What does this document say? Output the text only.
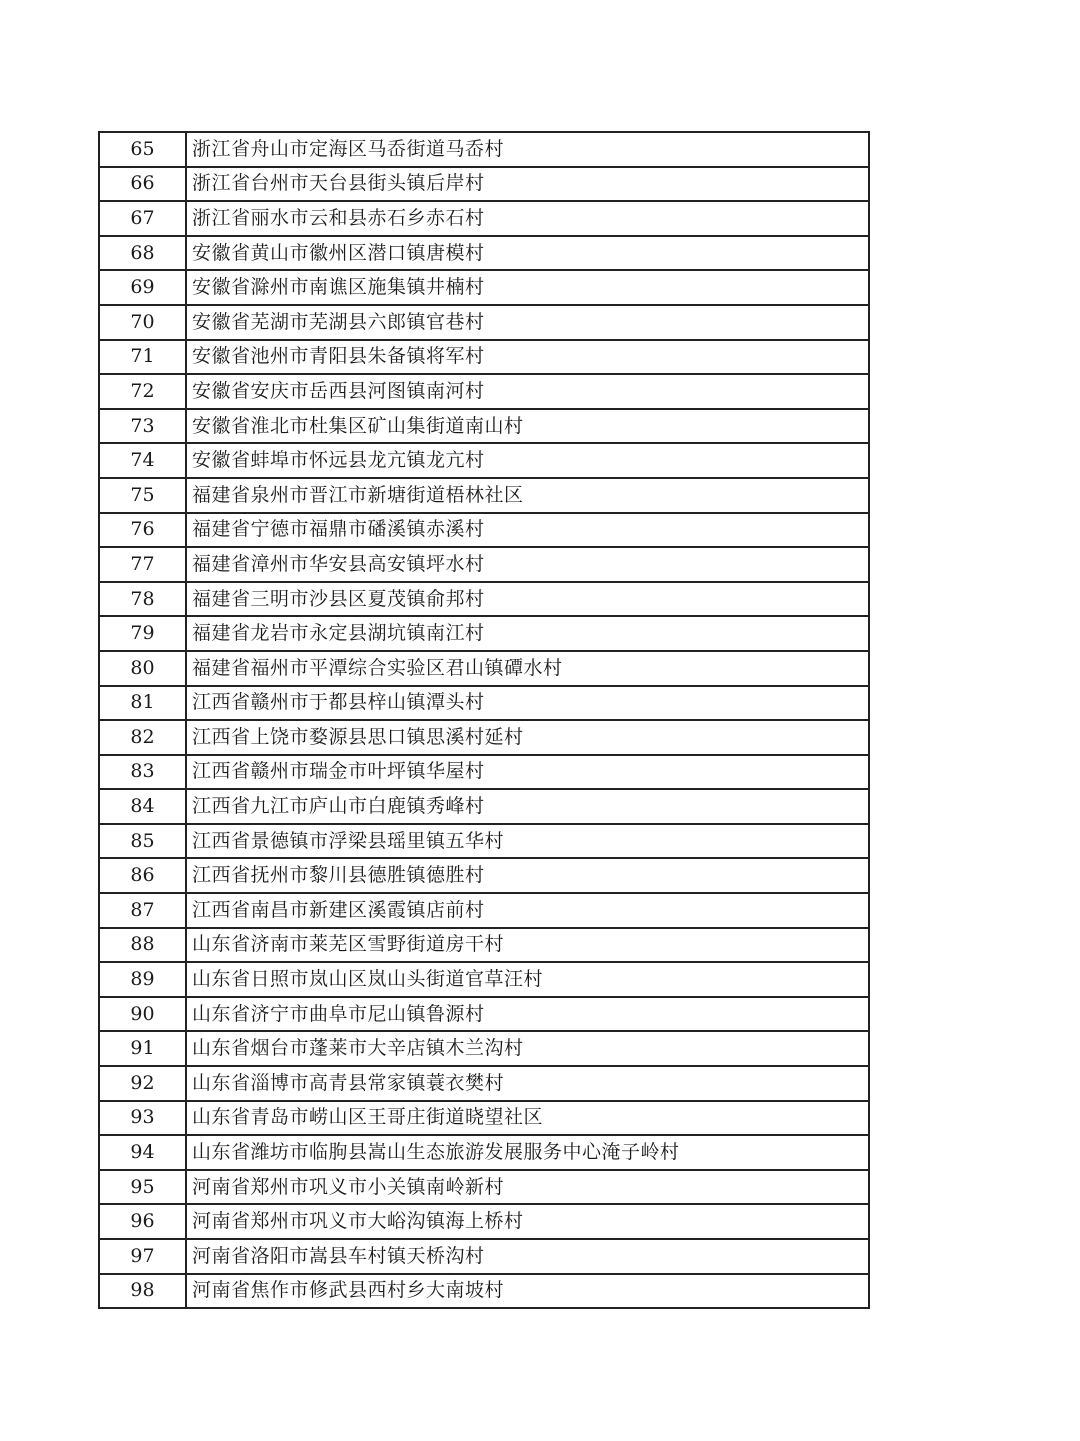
65	浙江省舟山市定海区马岙街道马岙村
66	浙江省台州市天台县街头镇后岸村
67	浙江省丽水市云和县赤石乡赤石村
68	安徽省黄山市徽州区潜口镇唐模村
69	安徽省滁州市南谯区施集镇井楠村
70	安徽省芜湖市芜湖县六郎镇官巷村
71	安徽省池州市青阳县朱备镇将军村
72	安徽省安庆市岳西县河图镇南河村
73	安徽省淮北市杜集区矿山集街道南山村
74	安徽省蚌埠市怀远县龙亢镇龙亢村
75	福建省泉州市晋江市新塘街道梧林社区
76	福建省宁德市福鼎市磻溪镇赤溪村
77	福建省漳州市华安县高安镇坪水村
78	福建省三明市沙县区夏茂镇俞邦村
79	福建省龙岩市永定县湖坑镇南江村
80	福建省福州市平潭综合实验区君山镇磹水村
81	江西省赣州市于都县梓山镇潭头村
82	江西省上饶市婺源县思口镇思溪村延村
83	江西省赣州市瑞金市叶坪镇华屋村
84	江西省九江市庐山市白鹿镇秀峰村
85	江西省景德镇市浮梁县瑶里镇五华村
86	江西省抚州市黎川县德胜镇德胜村
87	江西省南昌市新建区溪霞镇店前村
88	山东省济南市莱芜区雪野街道房干村
89	山东省日照市岚山区岚山头街道官草汪村
90	山东省济宁市曲阜市尼山镇鲁源村
91	山东省烟台市蓬莱市大辛店镇木兰沟村
92	山东省淄博市高青县常家镇蓑衣樊村
93	山东省青岛市崂山区王哥庄街道晓望社区
94	山东省潍坊市临朐县嵩山生态旅游发展服务中心淹子岭村
95	河南省郑州市巩义市小关镇南岭新村
96	河南省郑州市巩义市大峪沟镇海上桥村
97	河南省洛阳市嵩县车村镇天桥沟村
98	河南省焦作市修武县西村乡大南坡村
